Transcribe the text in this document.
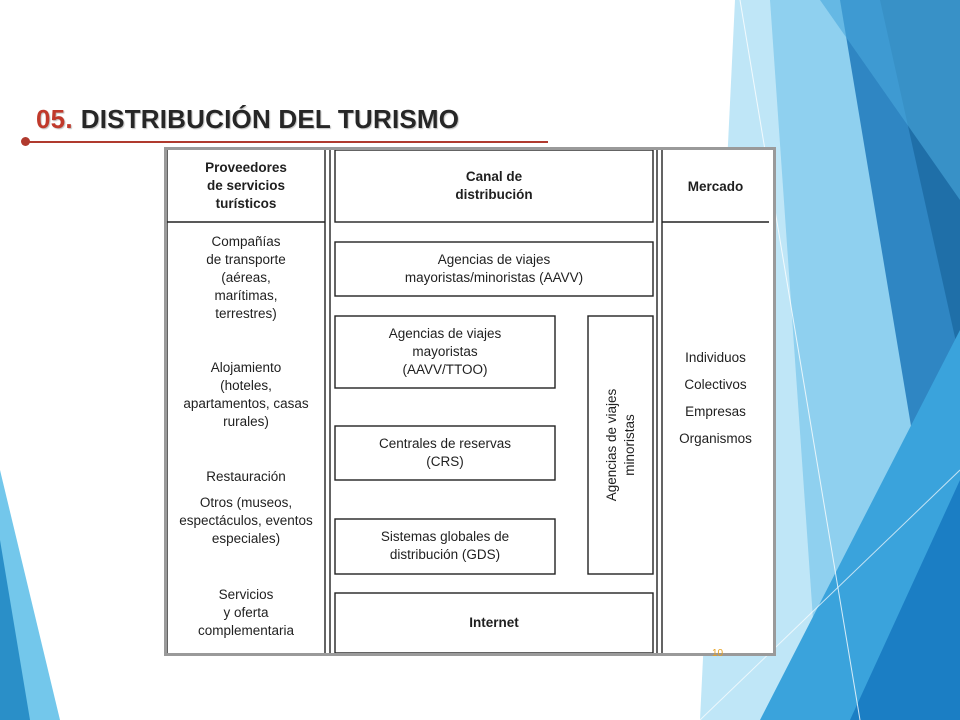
05. DISTRIBUCIÓN DEL TURISMO
Proveedores
de servicios
turísticos
Canal de
distribución
Mercado
Compañías
de transporte
(aéreas,
marítimas,
terrestres)
Alojamiento
(hoteles,
apartamentos, casas
rurales)
Restauración
Otros (museos,
espectáculos, eventos
especiales)
Servicios
y oferta
complementaria
Agencias de viajes
mayoristas/minoristas (AAVV)
Agencias de viajes
mayoristas
(AAVV/TTOO)
Centrales de reservas
(CRS)
Sistemas globales de
distribución (GDS)
Internet
Agencias de viajes
minoristas
Individuos
Colectivos
Empresas
Organismos
10
